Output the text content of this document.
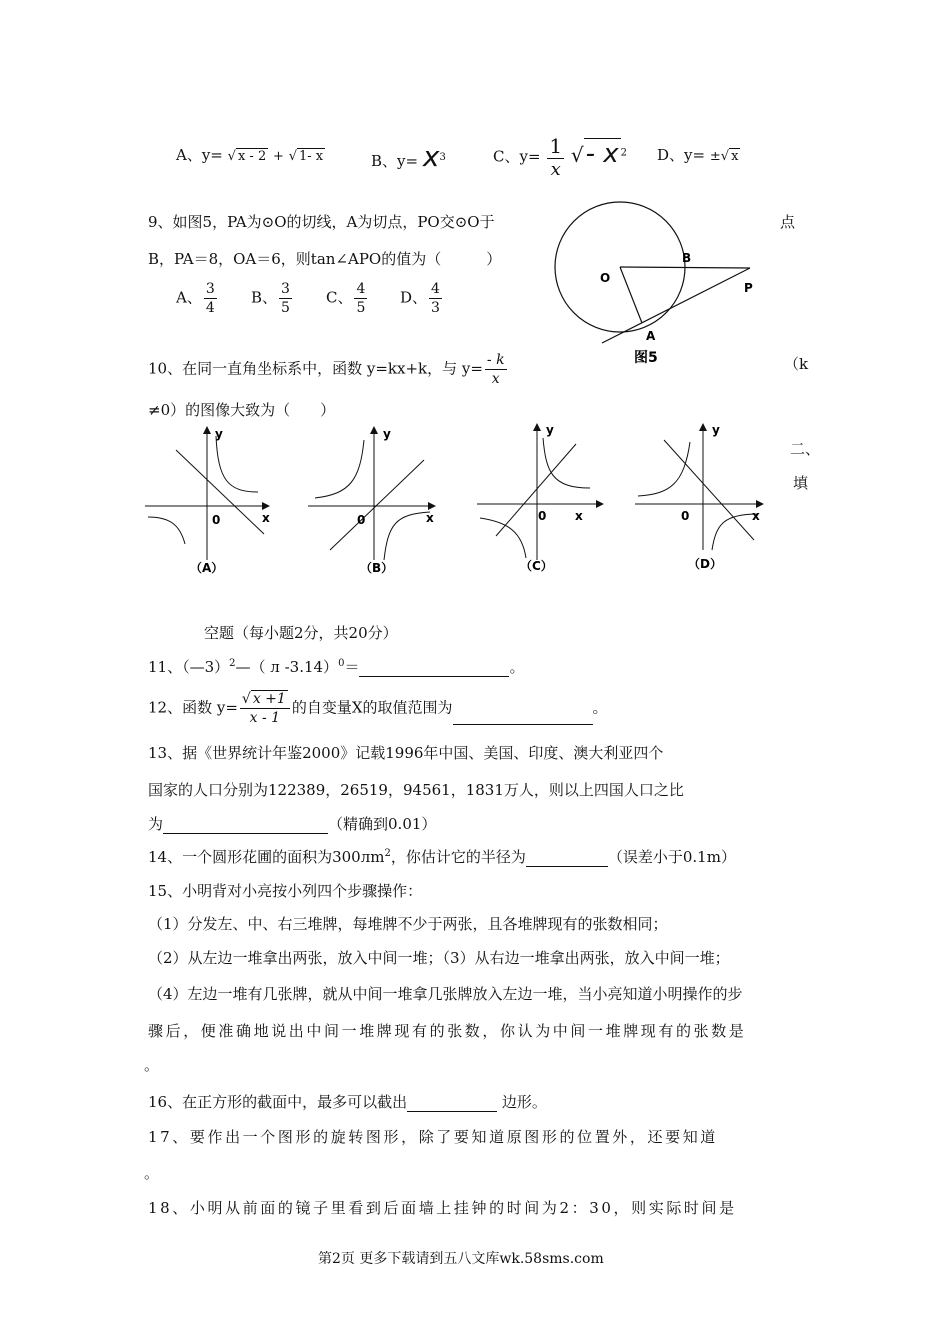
A、y= √ x - 2 + √ 1- x	B、$y= x^3$	C、$y= \frac{1}{x}$ √- x $^2$ D、y= ±√ x
9、如图5，PA为⊙O的切线，A为切点，PO交⊙O于	点
B，PA＝8，OA＝6，则tan∠APO的值为（　　　）
A、 $\frac{3}{4}$ B、 $\frac{3}{5}$ C、 $\frac{4}{5}$ D、 $\frac{4}{3}$
O
B
P
A
图5
10、在同一直角坐标系中，函数 y=kx+k，与 $y= \frac{- k}{x}$	（k
≠0）的图像大致为（　　）
y
x
0
（A）
y
x
0
（B）
y
x
0
（C）
y
x
0
（D）
二、
填
空题（每小题2分，共20分）
11、（—3）$^2$—（ л -3.14）$^0$＝	。
12、函数 $y= \frac{√ x +1}{x - 1}$ 的自变量X的取值范围为	。
13、据《世界统计年鉴2000》记载1996年中国、美国、印度、澳大利亚四个
国家的人口分别为122389，26519，94561，1831万人，则以上四国人口之比
为	（精确到0.01）
14、一个圆形花圃的面积为$300лm^2$，你估计它的半径为	（误差小于0.1m）
15、小明背对小亮按小列四个步骤操作：
（1）分发左、中、右三堆牌，每堆牌不少于两张，且各堆牌现有的张数相同；
（2）从左边一堆拿出两张，放入中间一堆；（3）从右边一堆拿出两张，放入中间一堆；
（4）左边一堆有几张牌，就从中间一堆拿几张牌放入左边一堆，当小亮知道小明操作的步
骤后，便准确地说出中间一堆牌现有的张数，你认为中间一堆牌现有的张数是
。
16、在正方形的截面中，最多可以截出	边形。
17、要作出一个图形的旋转图形，除了要知道原图形的位置外，还要知道
。
18、小明从前面的镜子里看到后面墙上挂钟的时间为2：30，则实际时间是
第2页 更多下载请到五八文库wk.58sms.com
